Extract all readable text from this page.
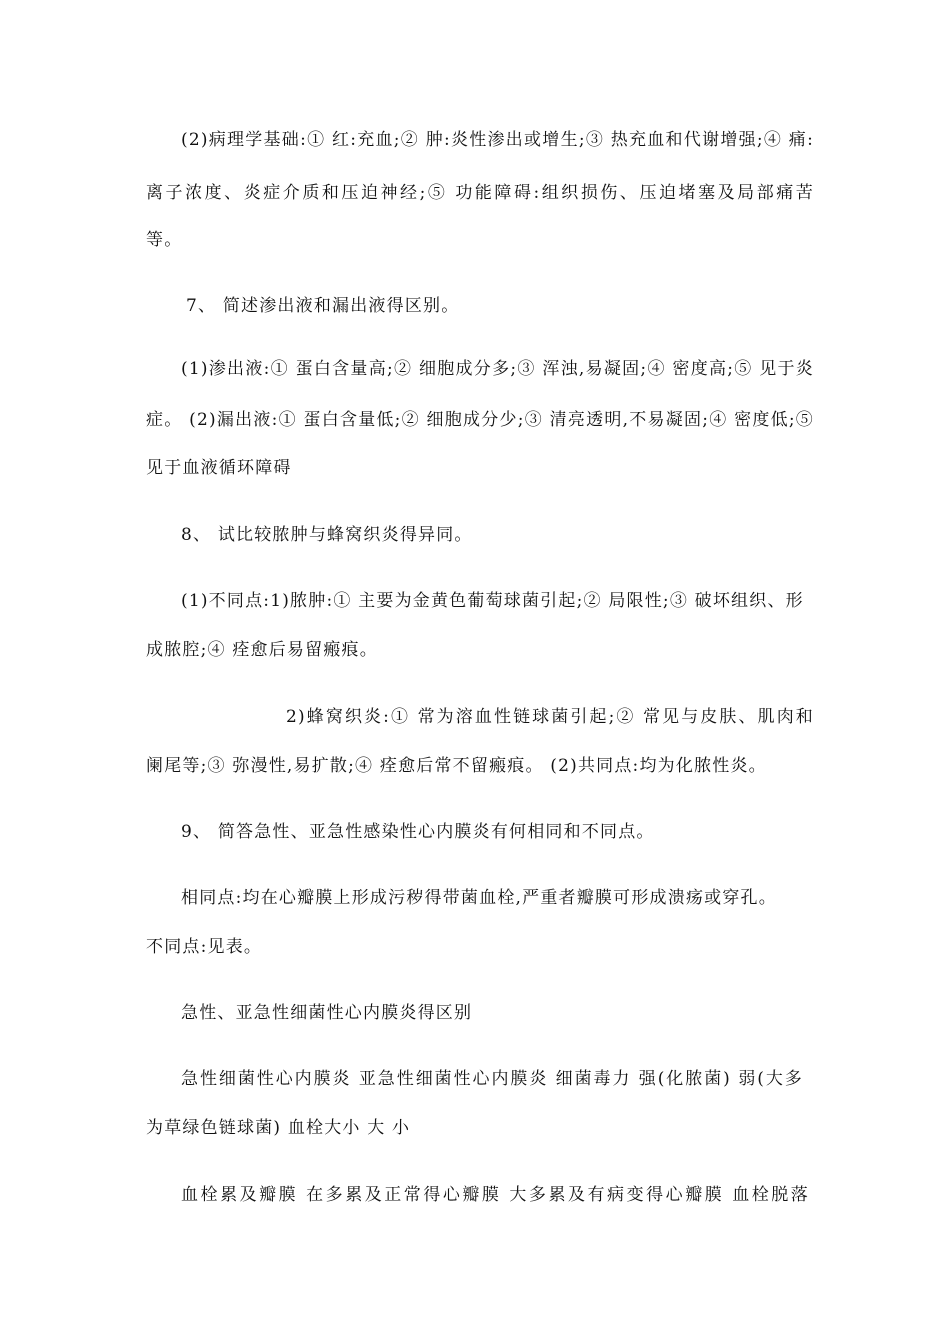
(2)病理学基础:① 红:充血;② 肿:炎性渗出或增生;③ 热充血和代谢增强;④ 痛:
离子浓度、炎症介质和压迫神经;⑤ 功能障碍:组织损伤、压迫堵塞及局部痛苦
等。
7、 简述渗出液和漏出液得区别。
(1)渗出液:① 蛋白含量高;② 细胞成分多;③ 浑浊,易凝固;④ 密度高;⑤ 见于炎
症。 (2)漏出液:① 蛋白含量低;② 细胞成分少;③ 清亮透明,不易凝固;④ 密度低;⑤
见于血液循环障碍
8、 试比较脓肿与蜂窝织炎得异同。
(1)不同点:1)脓肿:① 主要为金黄色葡萄球菌引起;② 局限性;③ 破坏组织、形
成脓腔;④ 痊愈后易留瘢痕。
2)蜂窝织炎:① 常为溶血性链球菌引起;② 常见与皮肤、肌肉和
阑尾等;③ 弥漫性,易扩散;④ 痊愈后常不留瘢痕。 (2)共同点:均为化脓性炎。
9、 简答急性、亚急性感染性心内膜炎有何相同和不同点。
相同点:均在心瓣膜上形成污秽得带菌血栓,严重者瓣膜可形成溃疡或穿孔。
不同点:见表。
急性、亚急性细菌性心内膜炎得区别
急性细菌性心内膜炎 亚急性细菌性心内膜炎 细菌毒力 强(化脓菌) 弱(大多
为草绿色链球菌) 血栓大小 大 小
血栓累及瓣膜 在多累及正常得心瓣膜 大多累及有病变得心瓣膜 血栓脱落
